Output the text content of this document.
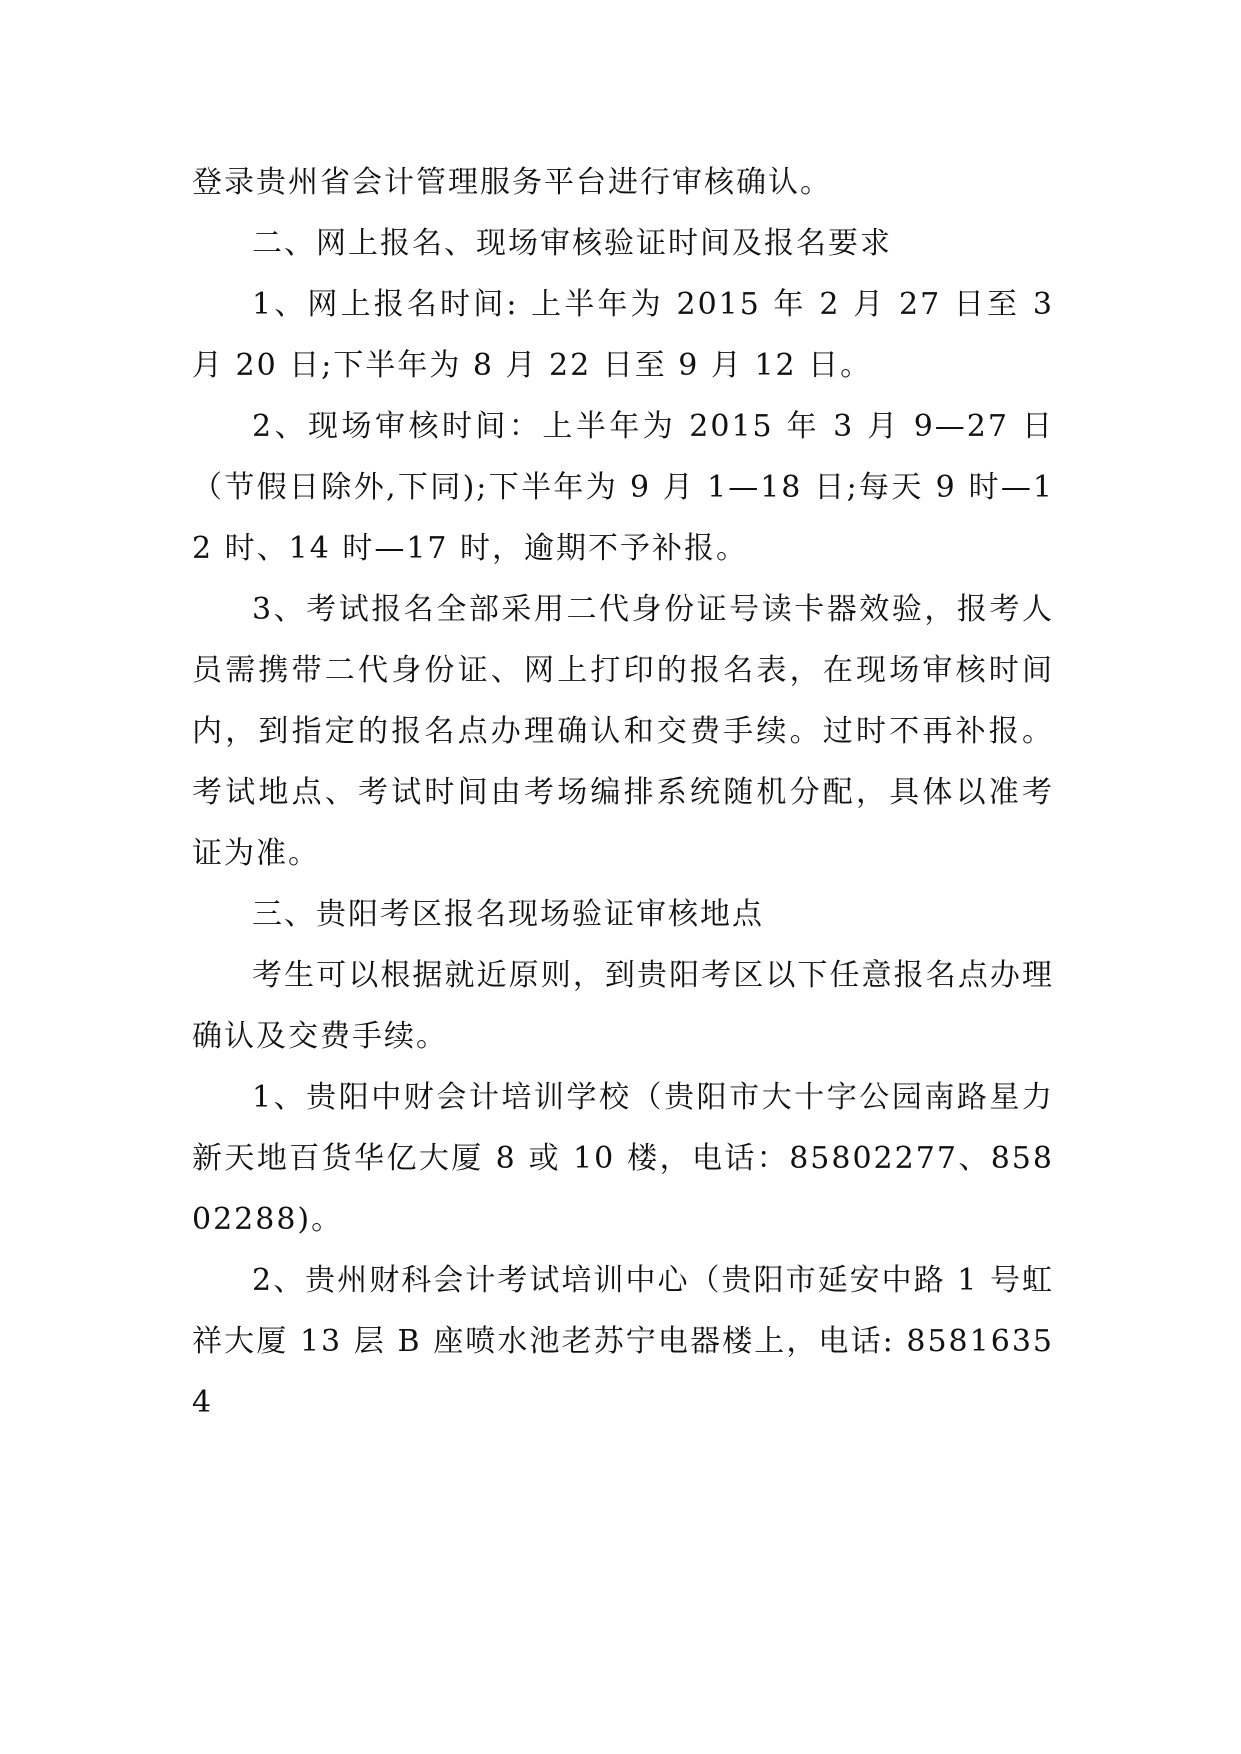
登录贵州省会计管理服务平台进行审核确认。

二、网上报名、现场审核验证时间及报名要求

1、网上报名时间: 上半年为 2015 年 2 月 27 日至 3 月 20 日;下半年为 8 月 22 日至 9 月 12 日。

2、现场审核时间：上半年为 2015 年 3 月 9—27 日（节假日除外,下同);下半年为 9 月 1—18 日;每天 9 时—12 时、14 时—17 时，逾期不予补报。

3、考试报名全部采用二代身份证号读卡器效验，报考人员需携带二代身份证、网上打印的报名表，在现场审核时间内，到指定的报名点办理确认和交费手续。过时不再补报。考试地点、考试时间由考场编排系统随机分配，具体以准考证为准。

三、贵阳考区报名现场验证审核地点

考生可以根据就近原则，到贵阳考区以下任意报名点办理确认及交费手续。

1、贵阳中财会计培训学校（贵阳市大十字公园南路星力新天地百货华亿大厦 8 或 10 楼，电话：85802277、85802288)。

2、贵州财科会计考试培训中心（贵阳市延安中路 1 号虹祥大厦 13 层 B 座喷水池老苏宁电器楼上，电话: 85816354
